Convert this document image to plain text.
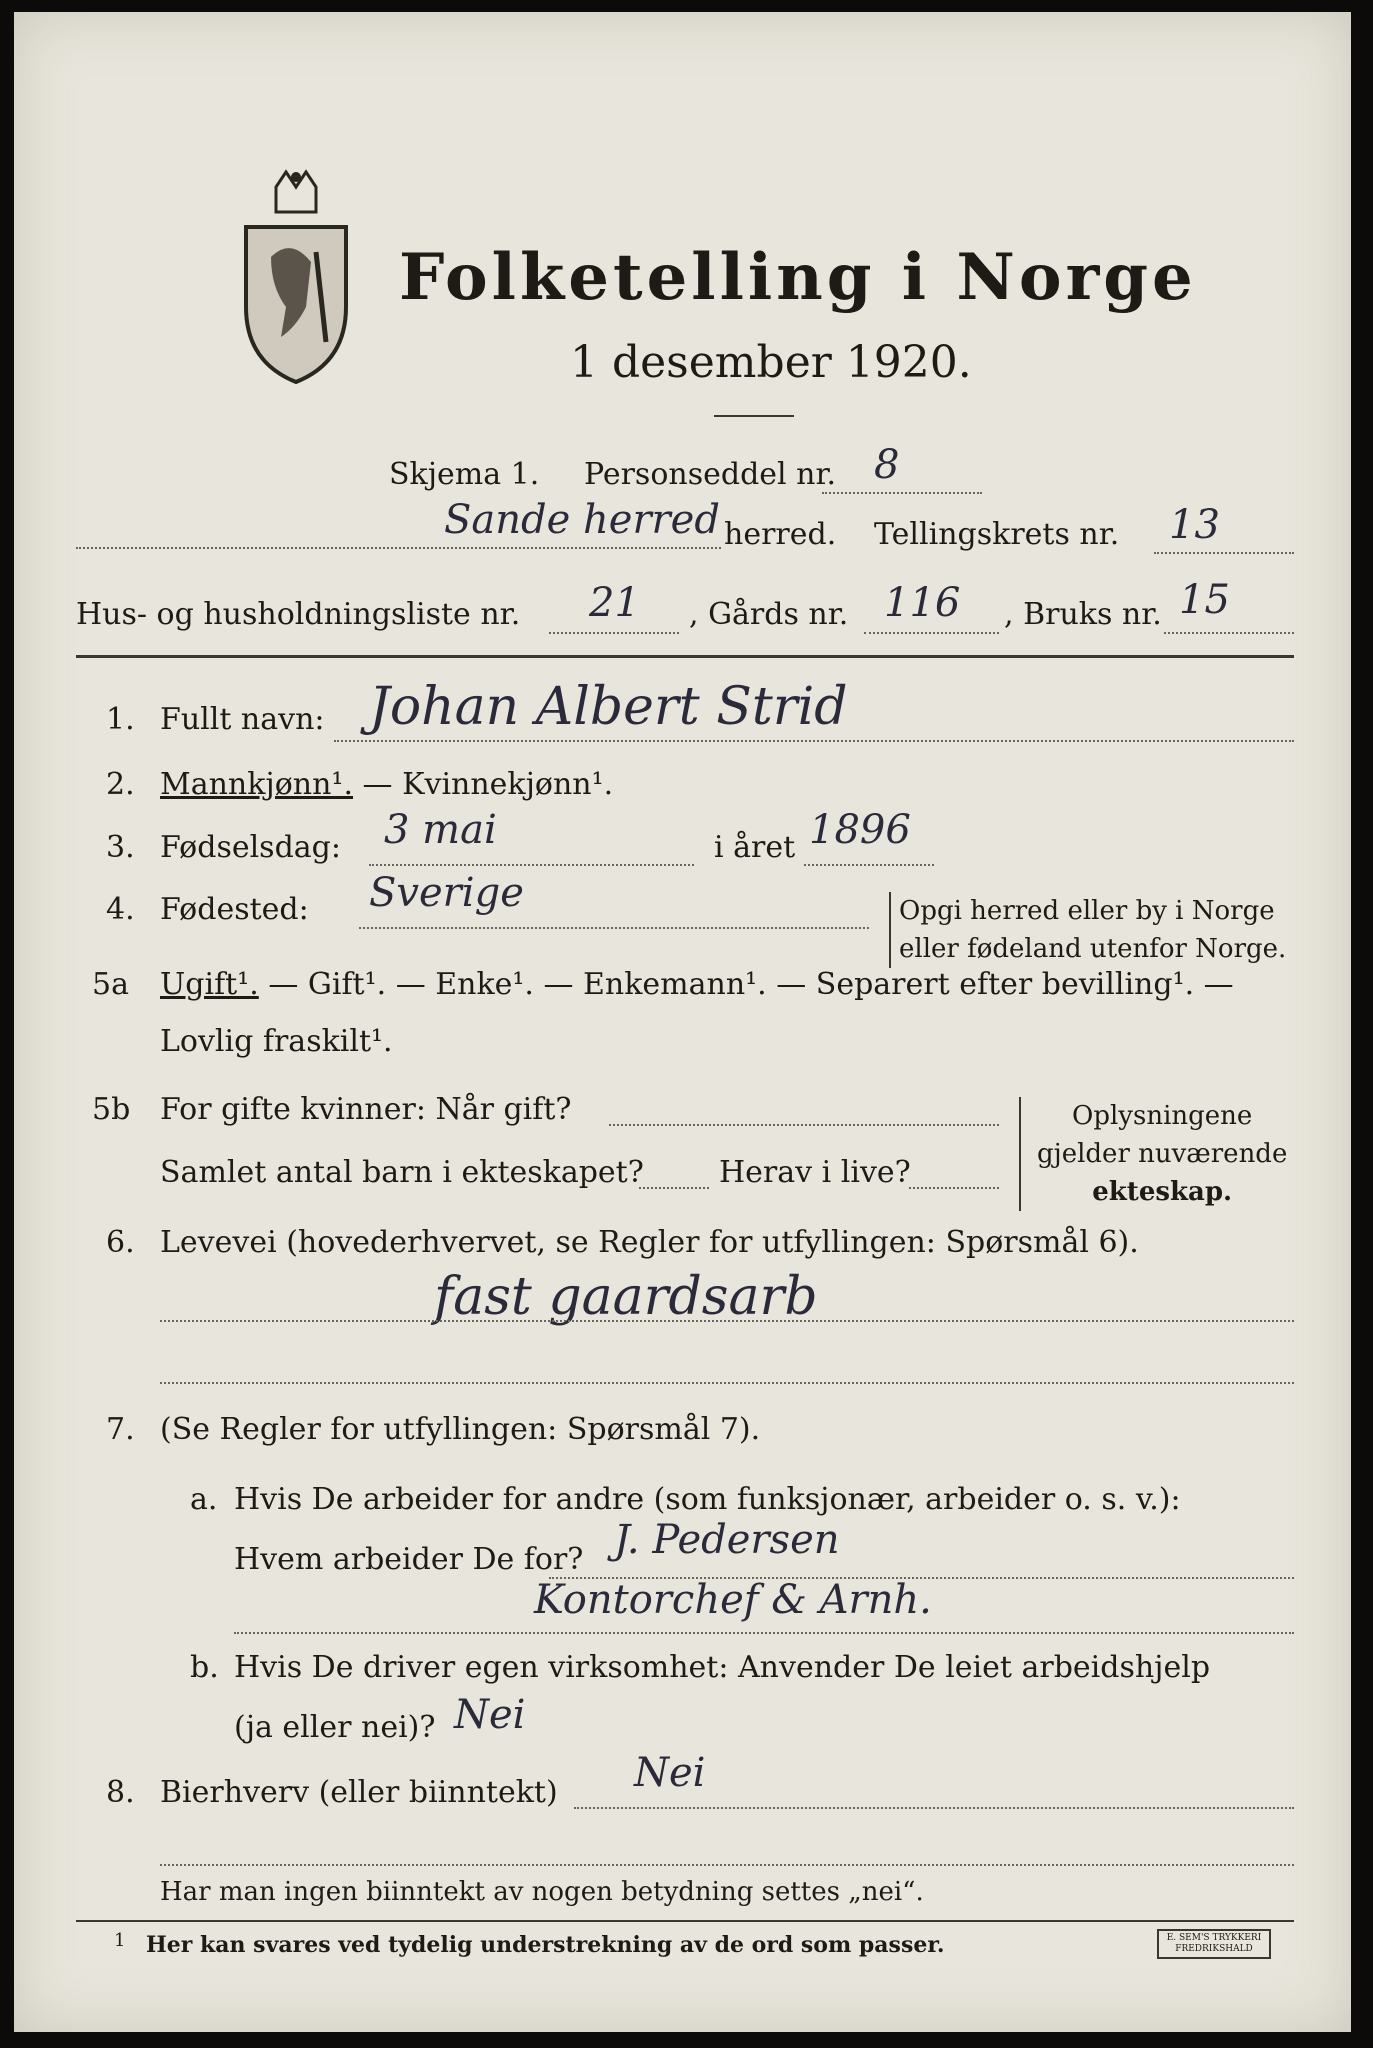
Folketelling i Norge
1 desember 1920.
Skjema 1. Personseddel nr. 8
Sande herred herred. Tellingskrets nr. 13
Hus- og husholdningsliste nr. 21 , Gårds nr. 116 , Bruks nr. 15
1. Fullt navn: Johan Albert Strid
2. Mannkjønn¹. — Kvinnekjønn¹.
3. Fødselsdag: 3 mai	i året 1896
4. Fødested: Sverige	Opgi herred eller by i Norge
eller fødeland utenfor Norge.
5a Ugift¹. — Gift¹. — Enke¹. — Enkemann¹. — Separert efter bevilling¹. —
Lovlig fraskilt¹.
5b For gifte kvinner: Når gift?
Samlet antal barn i ekteskapet?	Herav i live?
Oplysningene
gjelder nuværende
ekteskap.
6. Levevei (hovederhvervet, se Regler for utfyllingen: Spørsmål 6).
fast gaardsarb
7. (Se Regler for utfyllingen: Spørsmål 7).
a. Hvis De arbeider for andre (som funksjonær, arbeider o. s. v.):
Hvem arbeider De for? J. Pedersen
Kontorchef & Arnh.
b. Hvis De driver egen virksomhet: Anvender De leiet arbeidshjelp
(ja eller nei)? Nei
8. Bierhverv (eller biinntekt) Nei
Har man ingen biinntekt av nogen betydning settes „nei“.
1 Her kan svares ved tydelig understrekning av de ord som passer.	E. SEM'S TRYKKERI FREDRIKSHALD
